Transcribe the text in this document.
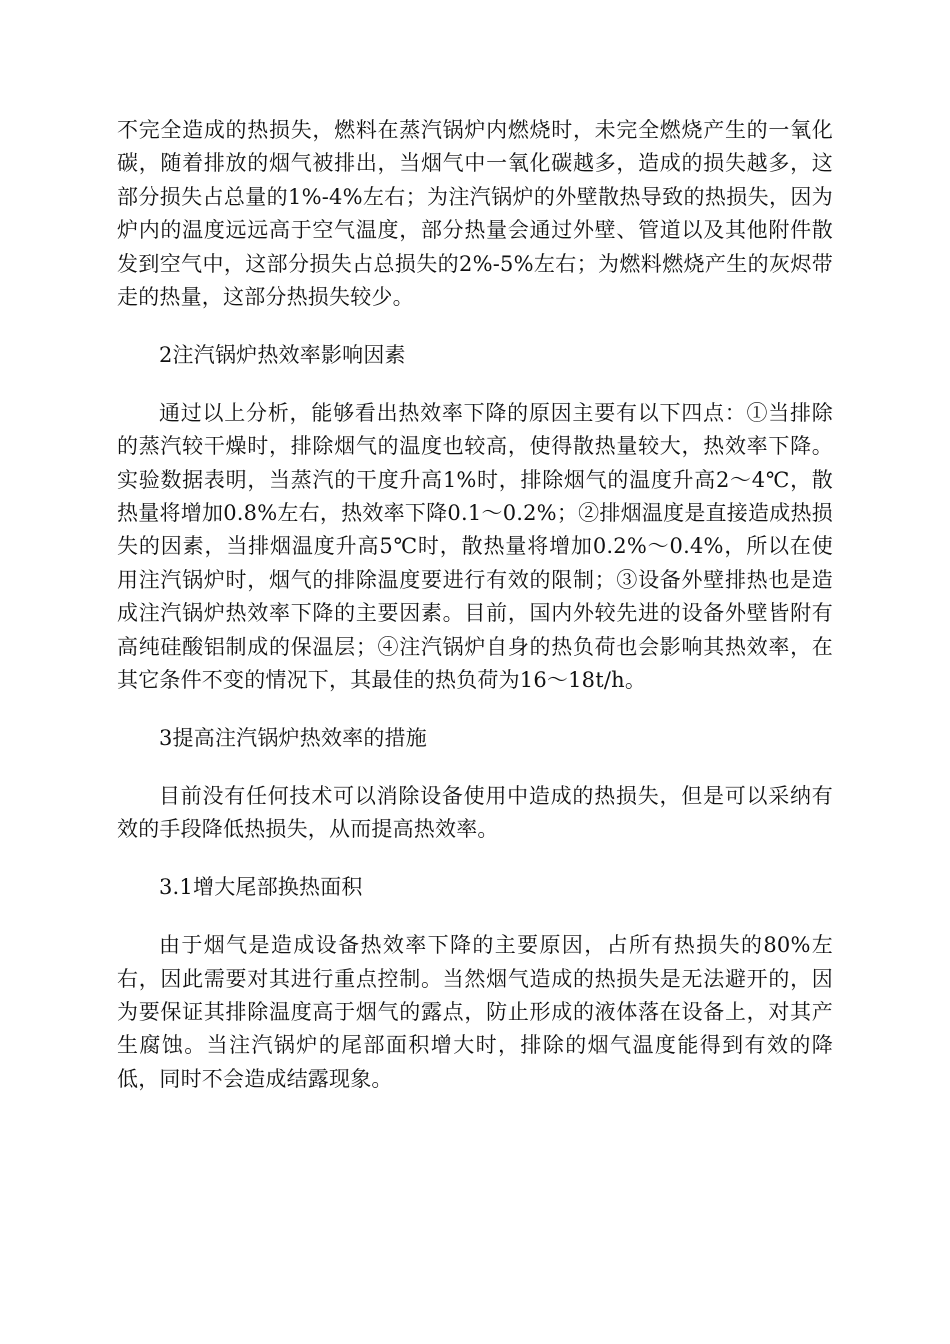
不完全造成的热损失，燃料在蒸汽锅炉内燃烧时，未完全燃烧产生的一氧化碳，随着排放的烟气被排出，当烟气中一氧化碳越多，造成的损失越多，这部分损失占总量的1%-4%左右；为注汽锅炉的外壁散热导致的热损失，因为炉内的温度远远高于空气温度，部分热量会通过外壁、管道以及其他附件散发到空气中，这部分损失占总损失的2%-5%左右；为燃料燃烧产生的灰烬带走的热量，这部分热损失较少。

2注汽锅炉热效率影响因素

通过以上分析，能够看出热效率下降的原因主要有以下四点：①当排除的蒸汽较干燥时，排除烟气的温度也较高，使得散热量较大，热效率下降。实验数据表明，当蒸汽的干度升高1%时，排除烟气的温度升高2～4℃，散热量将增加0.8%左右，热效率下降0.1～0.2%；②排烟温度是直接造成热损失的因素，当排烟温度升高5℃时，散热量将增加0.2%～0.4%，所以在使用注汽锅炉时，烟气的排除温度要进行有效的限制；③设备外壁排热也是造成注汽锅炉热效率下降的主要因素。目前，国内外较先进的设备外壁皆附有高纯硅酸铝制成的保温层；④注汽锅炉自身的热负荷也会影响其热效率，在其它条件不变的情况下，其最佳的热负荷为16～18t/h。

3提高注汽锅炉热效率的措施

目前没有任何技术可以消除设备使用中造成的热损失，但是可以采纳有效的手段降低热损失，从而提高热效率。

3.1增大尾部换热面积

由于烟气是造成设备热效率下降的主要原因，占所有热损失的80%左右，因此需要对其进行重点控制。当然烟气造成的热损失是无法避开的，因为要保证其排除温度高于烟气的露点，防止形成的液体落在设备上，对其产生腐蚀。当注汽锅炉的尾部面积增大时，排除的烟气温度能得到有效的降低，同时不会造成结露现象。
